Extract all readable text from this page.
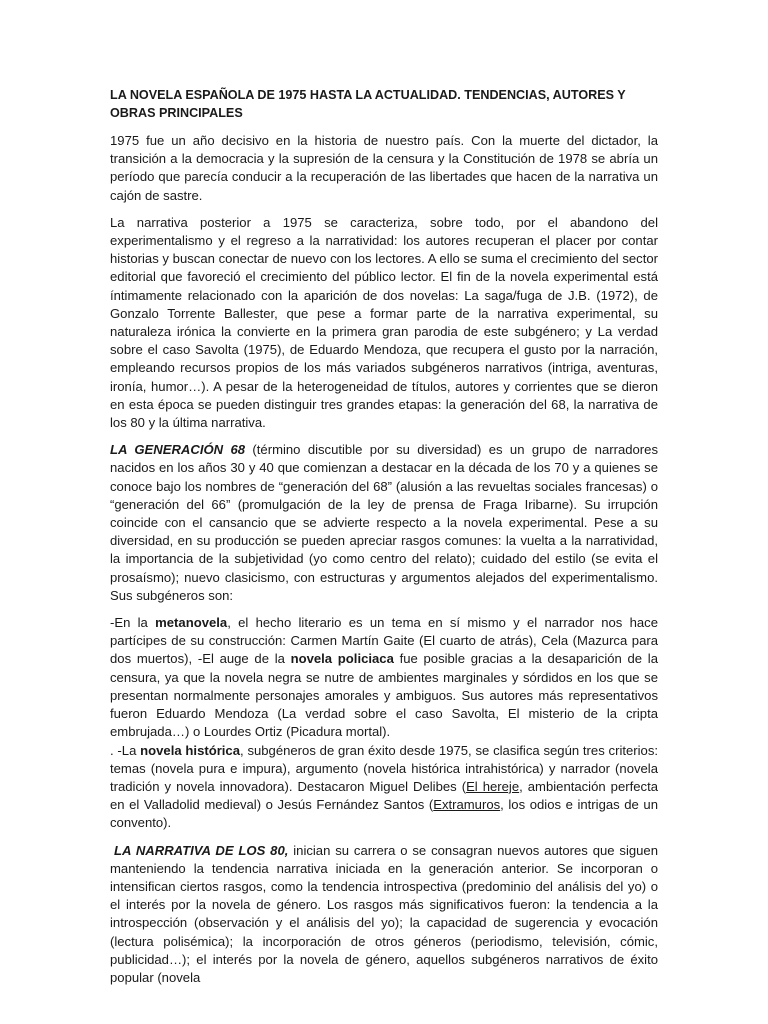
LA NOVELA ESPAÑOLA DE 1975 HASTA LA ACTUALIDAD. TENDENCIAS, AUTORES Y OBRAS PRINCIPALES

1975 fue un año decisivo en la historia de nuestro país. Con la muerte del dictador, la transición a la democracia y la supresión de la censura y la Constitución de 1978 se abría un período que parecía conducir a la recuperación de las libertades que hacen de la narrativa un cajón de sastre.

La narrativa posterior a 1975 se caracteriza, sobre todo, por el abandono del experimentalismo y el regreso a la narratividad: los autores recuperan el placer por contar historias y buscan conectar de nuevo con los lectores. A ello se suma el crecimiento del sector editorial que favoreció el crecimiento del público lector. El fin de la novela experimental está íntimamente relacionado con la aparición de dos novelas: La saga/fuga de J.B. (1972), de Gonzalo Torrente Ballester, que pese a formar parte de la narrativa experimental, su naturaleza irónica la convierte en la primera gran parodia de este subgénero; y La verdad sobre el caso Savolta (1975), de Eduardo Mendoza, que recupera el gusto por la narración, empleando recursos propios de los más variados subgéneros narrativos (intriga, aventuras, ironía, humor…). A pesar de la heterogeneidad de títulos, autores y corrientes que se dieron en esta época se pueden distinguir tres grandes etapas: la generación del 68, la narrativa de los 80 y la última narrativa.

LA GENERACIÓN 68 (término discutible por su diversidad) es un grupo de narradores nacidos en los años 30 y 40 que comienzan a destacar en la década de los 70 y a quienes se conoce bajo los nombres de “generación del 68” (alusión a las revueltas sociales francesas) o “generación del 66” (promulgación de la ley de prensa de Fraga Iribarne). Su irrupción coincide con el cansancio que se advierte respecto a la novela experimental. Pese a su diversidad, en su producción se pueden apreciar rasgos comunes: la vuelta a la narratividad, la importancia de la subjetividad (yo como centro del relato); cuidado del estilo (se evita el prosaísmo); nuevo clasicismo, con estructuras y argumentos alejados del experimentalismo. Sus subgéneros son:

-En la metanovela, el hecho literario es un tema en sí mismo y el narrador nos hace partícipes de su construcción: Carmen Martín Gaite (El cuarto de atrás), Cela (Mazurca para dos muertos), -El auge de la novela policiaca fue posible gracias a la desaparición de la censura, ya que la novela negra se nutre de ambientes marginales y sórdidos en los que se presentan normalmente personajes amorales y ambiguos. Sus autores más representativos fueron Eduardo Mendoza (La verdad sobre el caso Savolta, El misterio de la cripta embrujada…) o Lourdes Ortiz (Picadura mortal).

. -La novela histórica, subgéneros de gran éxito desde 1975, se clasifica según tres criterios: temas (novela pura e impura), argumento (novela histórica intrahistórica) y narrador (novela tradición y novela innovadora). Destacaron Miguel Delibes (El hereje, ambientación perfecta en el Valladolid medieval) o Jesús Fernández Santos (Extramuros, los odios e intrigas de un convento).

LA NARRATIVA DE LOS 80, inician su carrera o se consagran nuevos autores que siguen manteniendo la tendencia narrativa iniciada en la generación anterior. Se incorporan o intensifican ciertos rasgos, como la tendencia introspectiva (predominio del análisis del yo) o el interés por la novela de género. Los rasgos más significativos fueron: la tendencia a la introspección (observación y el análisis del yo); la capacidad de sugerencia y evocación (lectura polisémica); la incorporación de otros géneros (periodismo, televisión, cómic, publicidad…); el interés por la novela de género, aquellos subgéneros narrativos de éxito popular (novela
